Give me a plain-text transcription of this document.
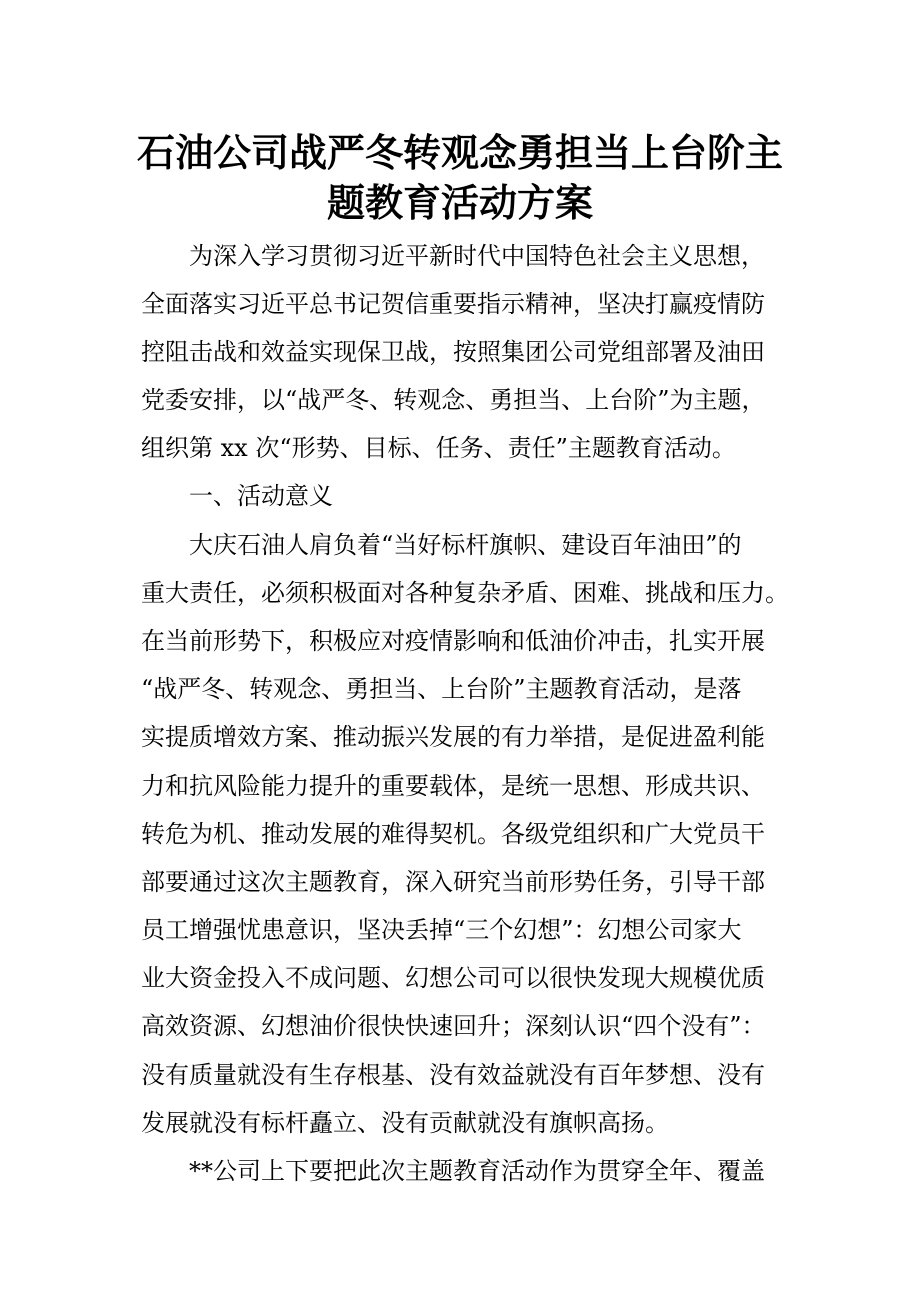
石油公司战严冬转观念勇担当上台阶主
题教育活动方案

为深入学习贯彻习近平新时代中国特色社会主义思想，

全面落实习近平总书记贺信重要指示精神，坚决打赢疫情防

控阻击战和效益实现保卫战，按照集团公司党组部署及油田

党委安排，以“战严冬、转观念、勇担当、上台阶”为主题，

组织第 xx 次“形势、目标、任务、责任”主题教育活动。

一、活动意义

大庆石油人肩负着“当好标杆旗帜、建设百年油田”的

重大责任，必须积极面对各种复杂矛盾、困难、挑战和压力。

在当前形势下，积极应对疫情影响和低油价冲击，扎实开展

“战严冬、转观念、勇担当、上台阶”主题教育活动，是落

实提质增效方案、推动振兴发展的有力举措，是促进盈利能

力和抗风险能力提升的重要载体，是统一思想、形成共识、

转危为机、推动发展的难得契机。各级党组织和广大党员干

部要通过这次主题教育，深入研究当前形势任务，引导干部

员工增强忧患意识，坚决丢掉“三个幻想”：幻想公司家大

业大资金投入不成问题、幻想公司可以很快发现大规模优质

高效资源、幻想油价很快快速回升；深刻认识“四个没有”：

没有质量就没有生存根基、没有效益就没有百年梦想、没有

发展就没有标杆矗立、没有贡献就没有旗帜高扬。

**公司上下要把此次主题教育活动作为贯穿全年、覆盖
